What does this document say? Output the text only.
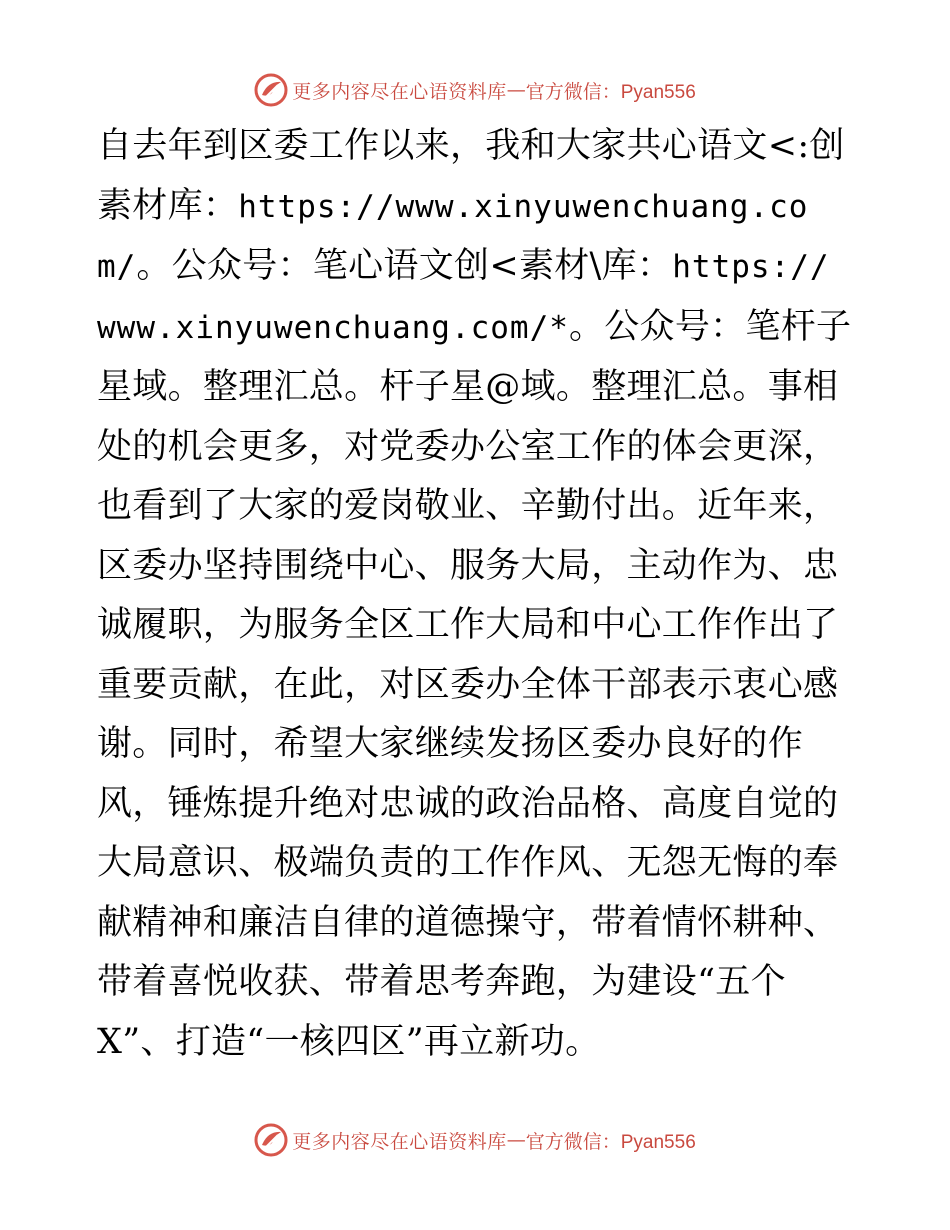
更多内容尽在心语资料库 — 官方微信：Pyan556

自去年到区委工作以来，我和大家共心语文<:创素材库：https://www.xinyuwenchuang.com/。公众号：笔心语文创<素材\库：https://
www.xinyuwenchuang.com/*。公众号：笔杆子星域。整理汇总。杆子星@域。整理汇总。事相处的机会更多，对党委办公室工作的体会更深，也看到了大家的爱岗敬业、辛勤付出。近年来，区委办坚持围绕中心、服务大局，主动作为、忠诚履职，为服务全区工作大局和中心工作作出了重要贡献，在此，对区委办全体干部表示衷心感谢。同时，希望大家继续发扬区委办良好的作风，锤炼提升绝对忠诚的政治品格、高度自觉的大局意识、极端负责的工作作风、无怨无悔的奉献精神和廉洁自律的道德操守，带着情怀耕种、带着喜悦收获、带着思考奔跑，为建设“五个X”、打造“一核四区”再立新功。

更多内容尽在心语资料库 — 官方微信：Pyan556
